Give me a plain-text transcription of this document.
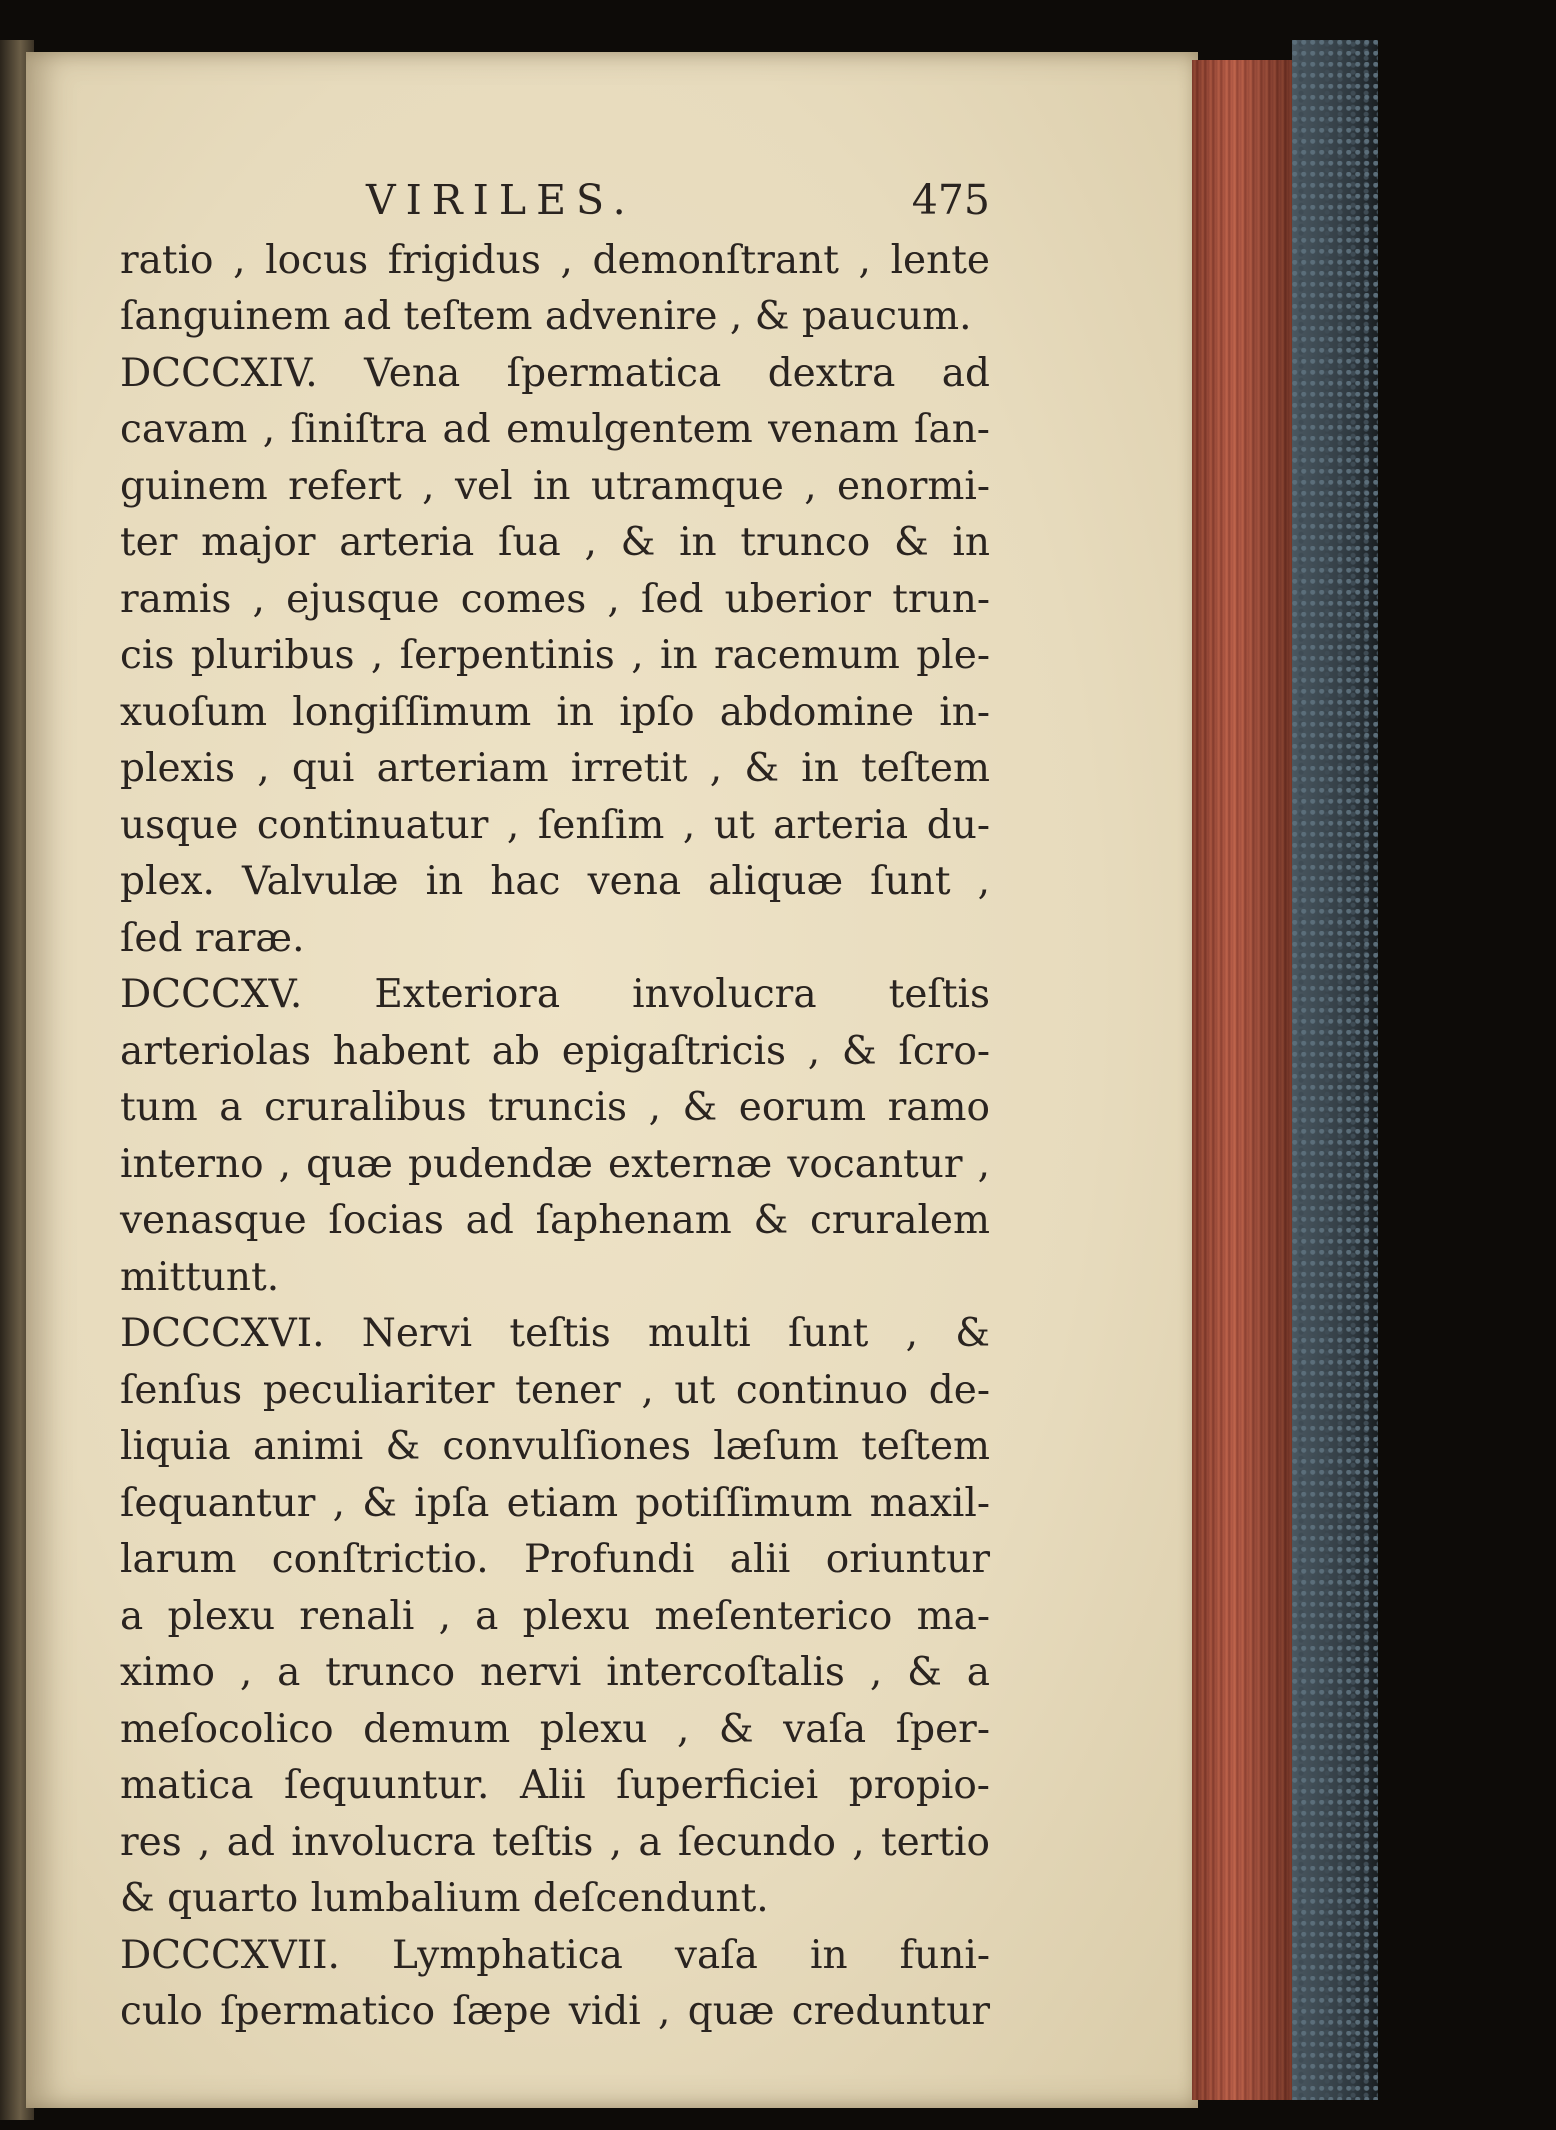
VIRILES.	475
ratio , locus frigidus , demonſtrant , lente
ſanguinem ad teſtem advenire , & paucum.
DCCCXIV. Vena ſpermatica dextra ad
cavam , ſiniſtra ad emulgentem venam ſan-
guinem refert , vel in utramque , enormi-
ter major arteria ſua , & in trunco & in
ramis , ejusque comes , ſed uberior trun-
cis pluribus , ſerpentinis , in racemum ple-
xuoſum longiſſimum in ipſo abdomine in-
plexis , qui arteriam irretit , & in teſtem
usque continuatur , ſenſim , ut arteria du-
plex. Valvulæ in hac vena aliquæ ſunt ,
ſed raræ.
DCCCXV. Exteriora involucra teſtis
arteriolas habent ab epigaſtricis , & ſcro-
tum a cruralibus truncis , & eorum ramo
interno , quæ pudendæ externæ vocantur ,
venasque ſocias ad ſaphenam & cruralem
mittunt.
DCCCXVI. Nervi teſtis multi ſunt , &
ſenſus peculiariter tener , ut continuo de-
liquia animi & convulſiones læſum teſtem
ſequantur , & ipſa etiam potiſſimum maxil-
larum conſtrictio. Profundi alii oriuntur
a plexu renali , a plexu meſenterico ma-
ximo , a trunco nervi intercoſtalis , & a
meſocolico demum plexu , & vaſa ſper-
matica ſequuntur. Alii ſuperficiei propio-
res , ad involucra teſtis , a ſecundo , tertio
& quarto lumbalium deſcendunt.
DCCCXVII. Lymphatica vaſa in funi-
culo ſpermatico ſæpe vidi , quæ creduntur
